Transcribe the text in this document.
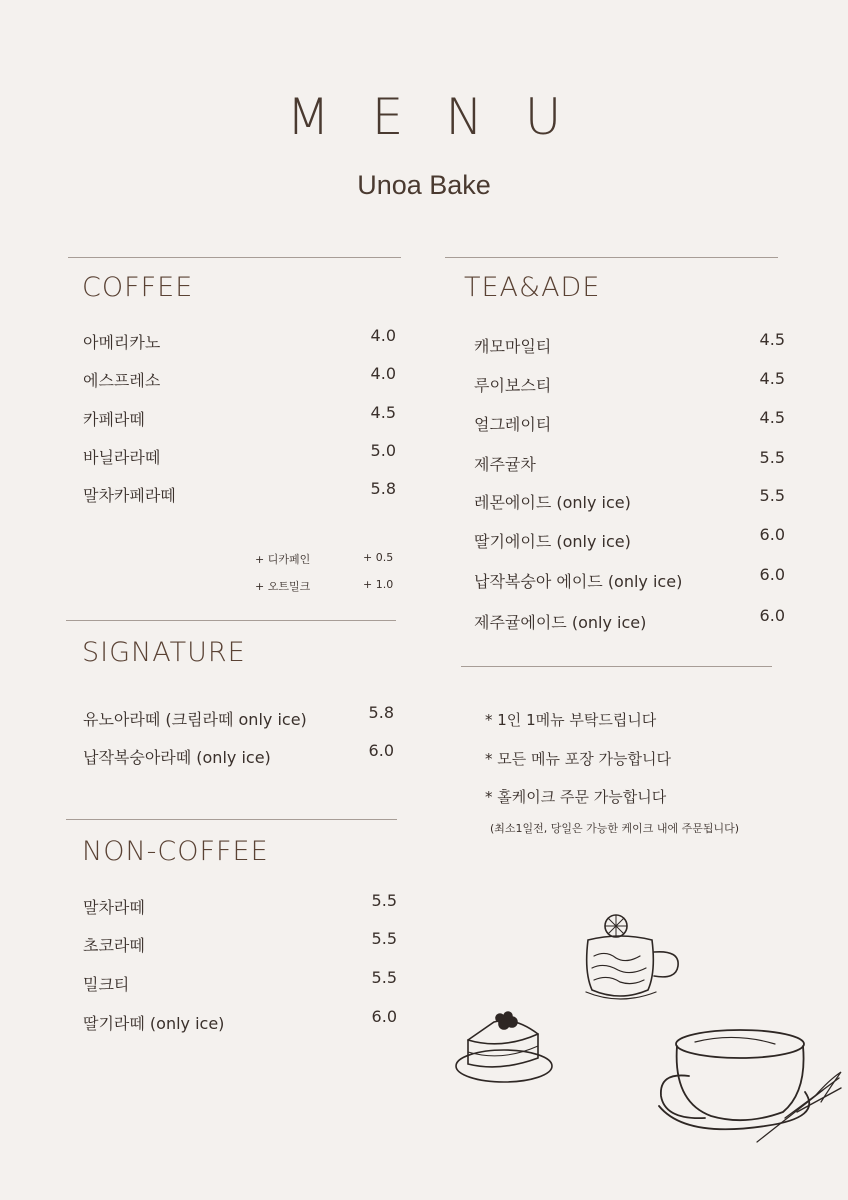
MENU
Unoa Bake
COFFEE
아메리카노	4.0
에스프레소	4.0
카페라떼	4.5
바닐라라떼	5.0
말차카페라떼	5.8
+ 디카페인	+ 0.5
+ 오트밀크	+ 1.0
SIGNATURE
유노아라떼 (크림라떼 only ice)	5.8
납작복숭아라떼 (only ice)	6.0
NON-COFFEE
말차라떼	5.5
초코라떼	5.5
밀크티	5.5
딸기라떼 (only ice)	6.0
TEA&ADE
캐모마일티	4.5
루이보스티	4.5
얼그레이티	4.5
제주귤차	5.5
레몬에이드 (only ice)	5.5
딸기에이드 (only ice)	6.0
납작복숭아 에이드 (only ice)	6.0
제주귤에이드 (only ice)	6.0
* 1인 1메뉴 부탁드립니다
* 모든 메뉴 포장 가능합니다
* 홀케이크 주문 가능합니다
(최소1일전, 당일은 가능한 케이크 내에 주문됩니다)
